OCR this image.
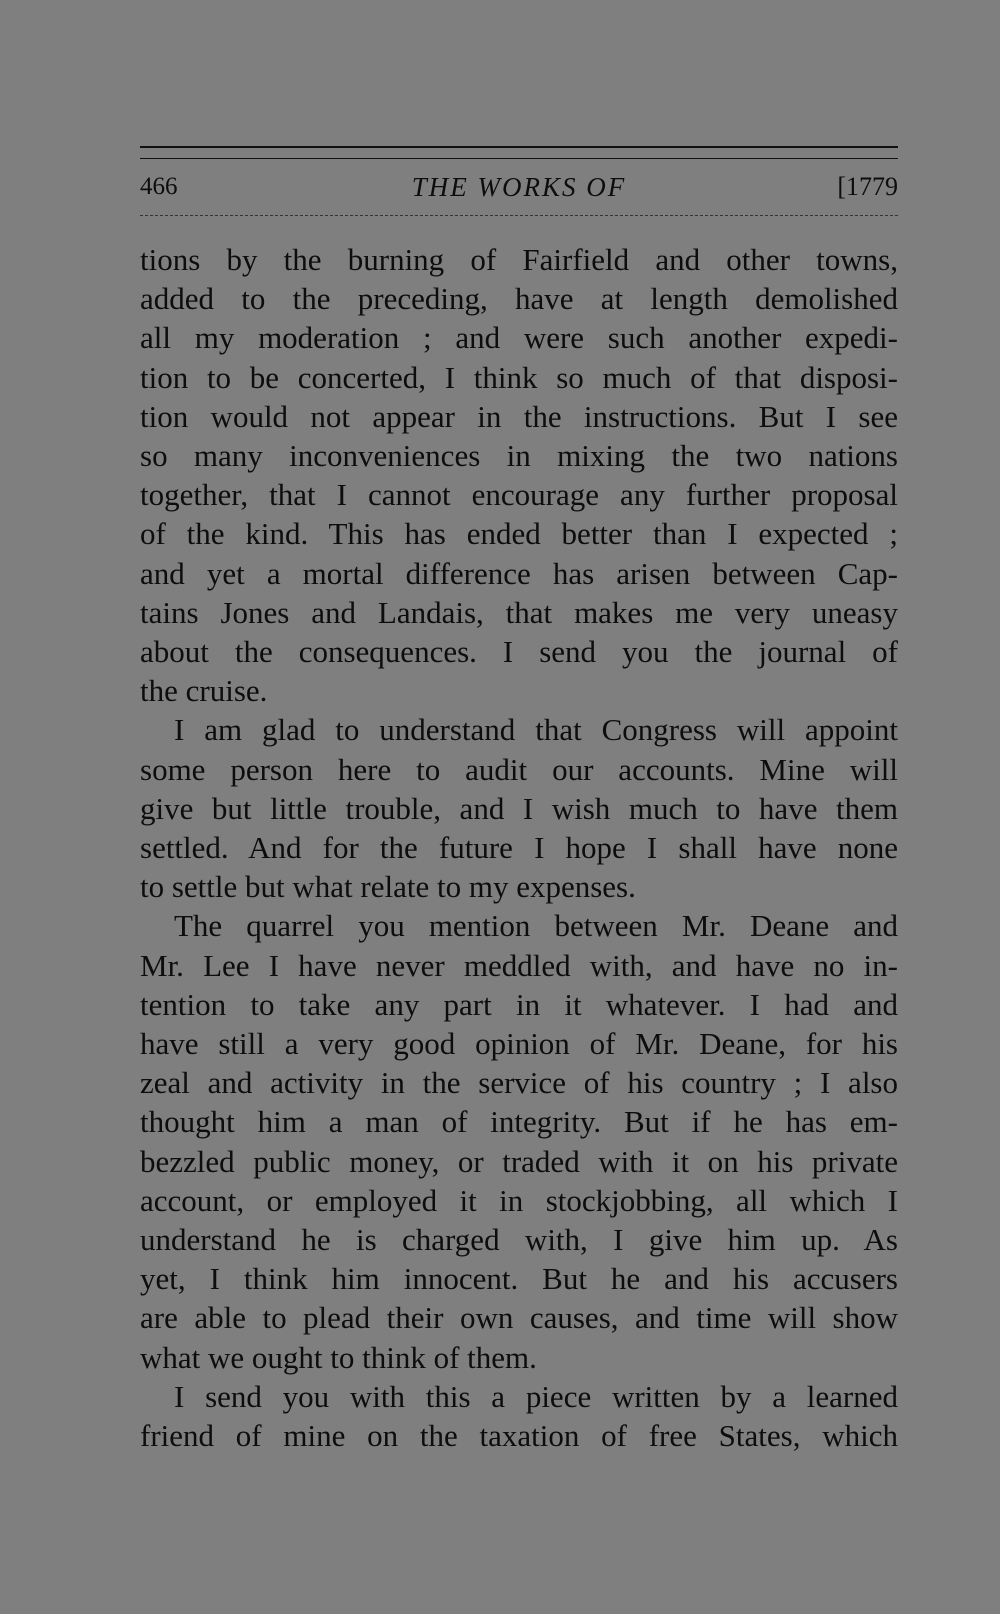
466	THE WORKS OF	[1779
tions by the burning of Fairfield and other towns,
added to the preceding, have at length demolished
all my moderation ; and were such another expedi-
tion to be concerted, I think so much of that disposi-
tion would not appear in the instructions. But I see
so many inconveniences in mixing the two nations
together, that I cannot encourage any further proposal
of the kind. This has ended better than I expected ;
and yet a mortal difference has arisen between Cap-
tains Jones and Landais, that makes me very uneasy
about the consequences. I send you the journal of
the cruise.
I am glad to understand that Congress will appoint
some person here to audit our accounts. Mine will
give but little trouble, and I wish much to have them
settled. And for the future I hope I shall have none
to settle but what relate to my expenses.
The quarrel you mention between Mr. Deane and
Mr. Lee I have never meddled with, and have no in-
tention to take any part in it whatever. I had and
have still a very good opinion of Mr. Deane, for his
zeal and activity in the service of his country ; I also
thought him a man of integrity. But if he has em-
bezzled public money, or traded with it on his private
account, or employed it in stockjobbing, all which I
understand he is charged with, I give him up. As
yet, I think him innocent. But he and his accusers
are able to plead their own causes, and time will show
what we ought to think of them.
I send you with this a piece written by a learned
friend of mine on the taxation of free States, which
